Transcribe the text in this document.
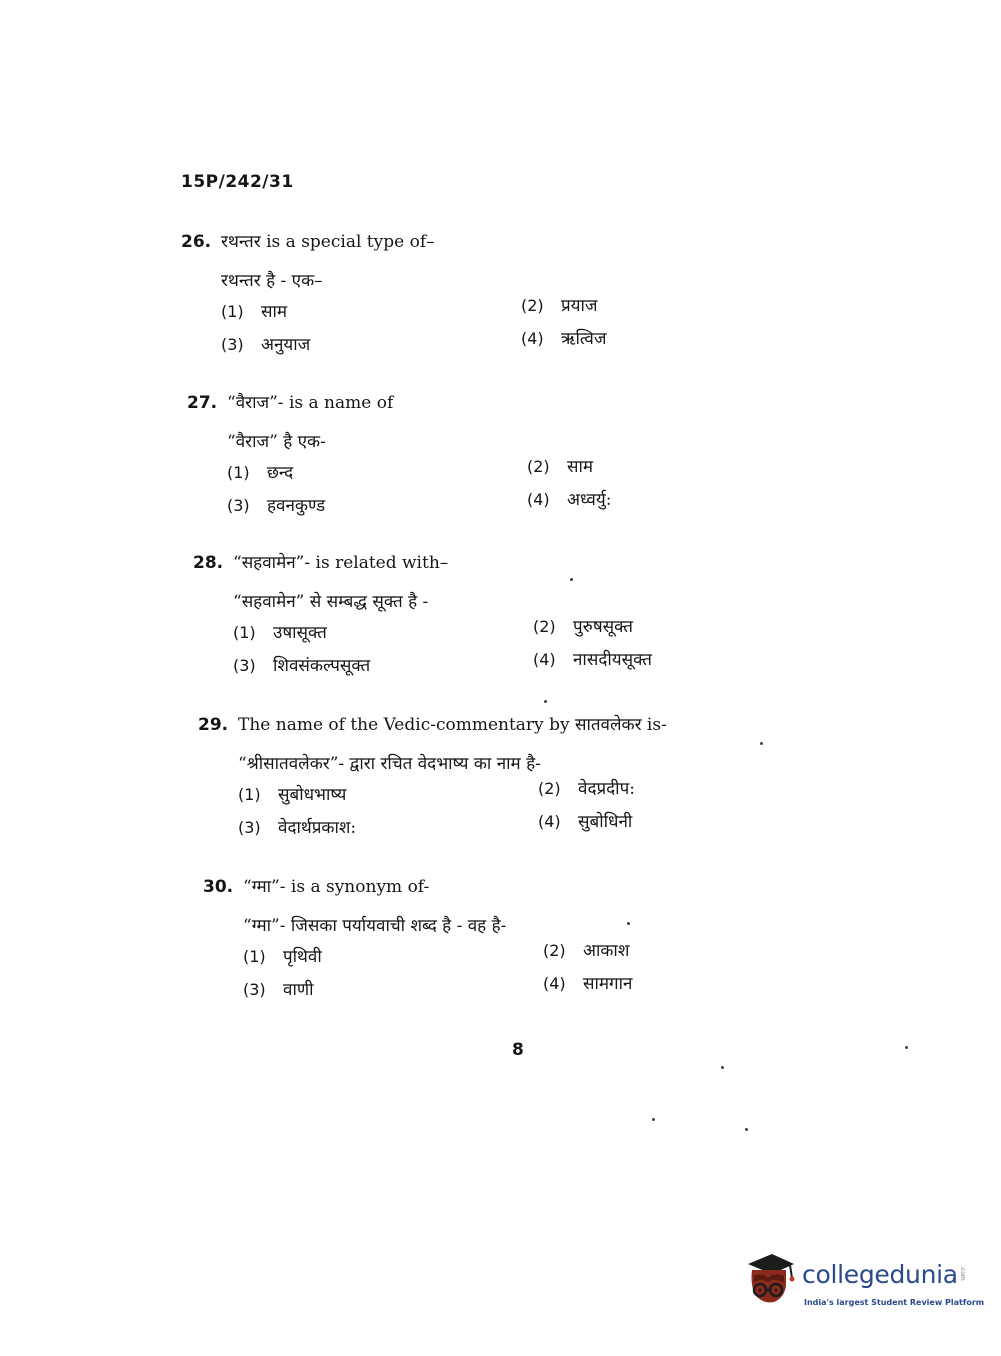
15P/242/31
26. रथन्तर is a special type of–
रथन्तर है - एक–
(1) साम	(2) प्रयाज
(3) अनुयाज	(4) ऋत्विज
27. “वैराज”- is a name of
“वैराज” है एक-
(1) छन्द	(2) साम
(3) हवनकुण्ड	(4) अध्वर्यु:
28. “सहवामेन”- is related with–
“सहवामेन” से सम्बद्ध सूक्त है -
(1) उषासूक्त	(2) पुरुषसूक्त
(3) शिवसंकल्पसूक्त	(4) नासदीयसूक्त
29. The name of the Vedic-commentary by सातवलेकर is-
“श्रीसातवलेकर”- द्वारा रचित वेदभाष्य का नाम है-
(1) सुबोधभाष्य	(2) वेदप्रदीप:
(3) वेदार्थप्रकाश:	(4) सुबोधिनी
30. “ग्मा”- is a synonym of-
“ग्मा”- जिसका पर्यायवाची शब्द है - वह है-
(1) पृथिवी	(2) आकाश
(3) वाणी	(4) सामगान
8
collegedunia .com
India's largest Student Review Platform
